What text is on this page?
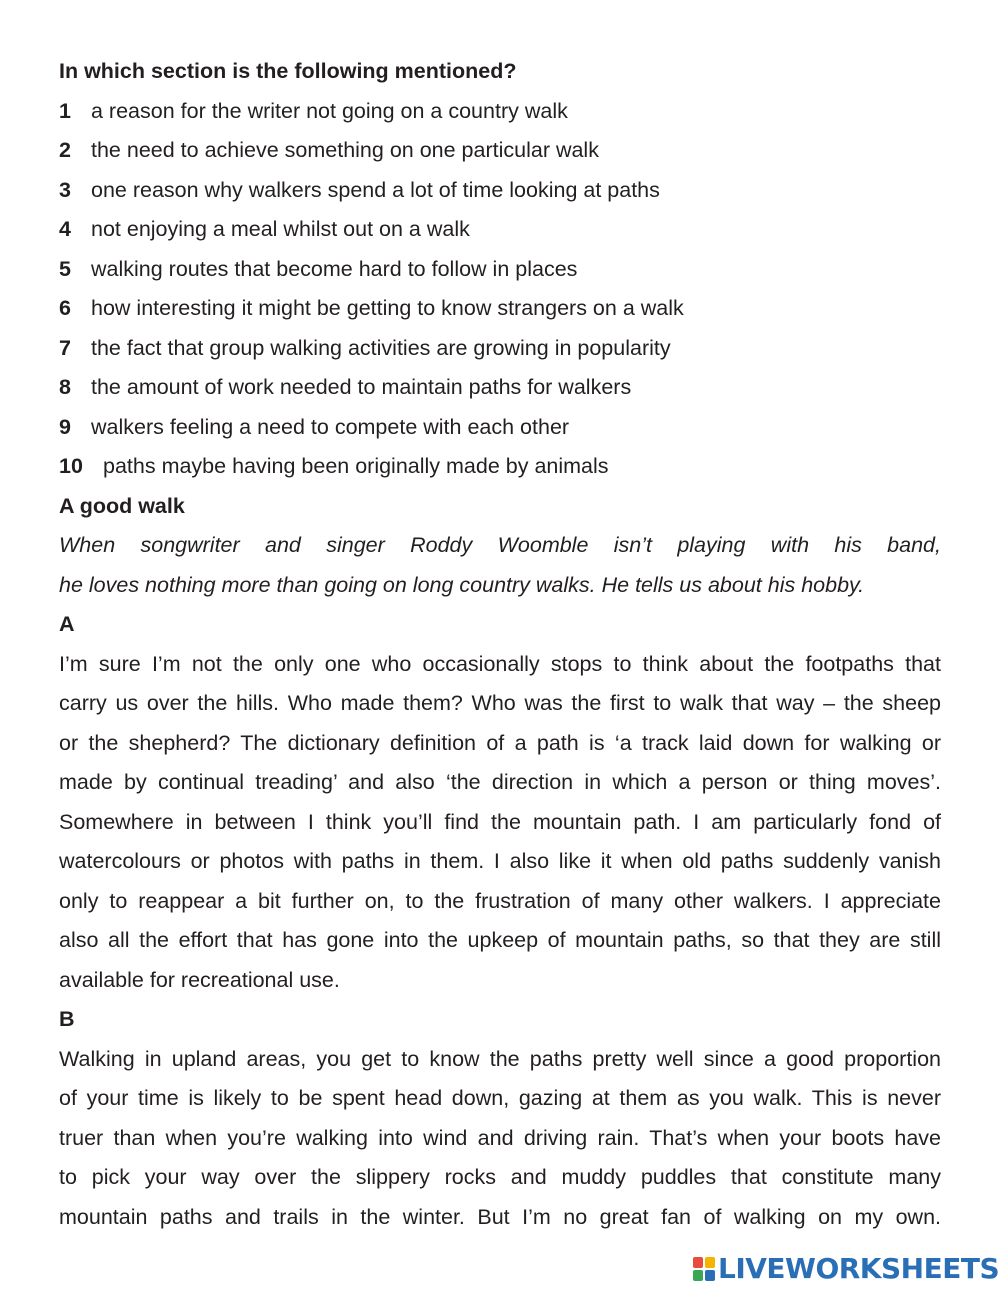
In which section is the following mentioned?
1 a reason for the writer not going on a country walk
2 the need to achieve something on one particular walk
3 one reason why walkers spend a lot of time looking at paths
4 not enjoying a meal whilst out on a walk
5 walking routes that become hard to follow in places
6 how interesting it might be getting to know strangers on a walk
7 the fact that group walking activities are growing in popularity
8 the amount of work needed to maintain paths for walkers
9 walkers feeling a need to compete with each other
10 paths maybe having been originally made by animals
A good walk
When songwriter and singer Roddy Woomble isn’t playing with his band,
he loves nothing more than going on long country walks. He tells us about his hobby.
A
I’m sure I’m not the only one who occasionally stops to think about the footpaths that
carry us over the hills. Who made them? Who was the first to walk that way – the sheep
or the shepherd? The dictionary definition of a path is ‘a track laid down for walking or
made by continual treading’ and also ‘the direction in which a person or thing moves’.
Somewhere in between I think you’ll find the mountain path. I am particularly fond of
watercolours or photos with paths in them. I also like it when old paths suddenly vanish
only to reappear a bit further on, to the frustration of many other walkers. I appreciate
also all the effort that has gone into the upkeep of mountain paths, so that they are still
available for recreational use.
B
Walking in upland areas, you get to know the paths pretty well since a good proportion
of your time is likely to be spent head down, gazing at them as you walk. This is never
truer than when you’re walking into wind and driving rain. That’s when your boots have
to pick your way over the slippery rocks and muddy puddles that constitute many
mountain paths and trails in the winter. But I’m no great fan of walking on my own.
LIVEWORKSHEETS
